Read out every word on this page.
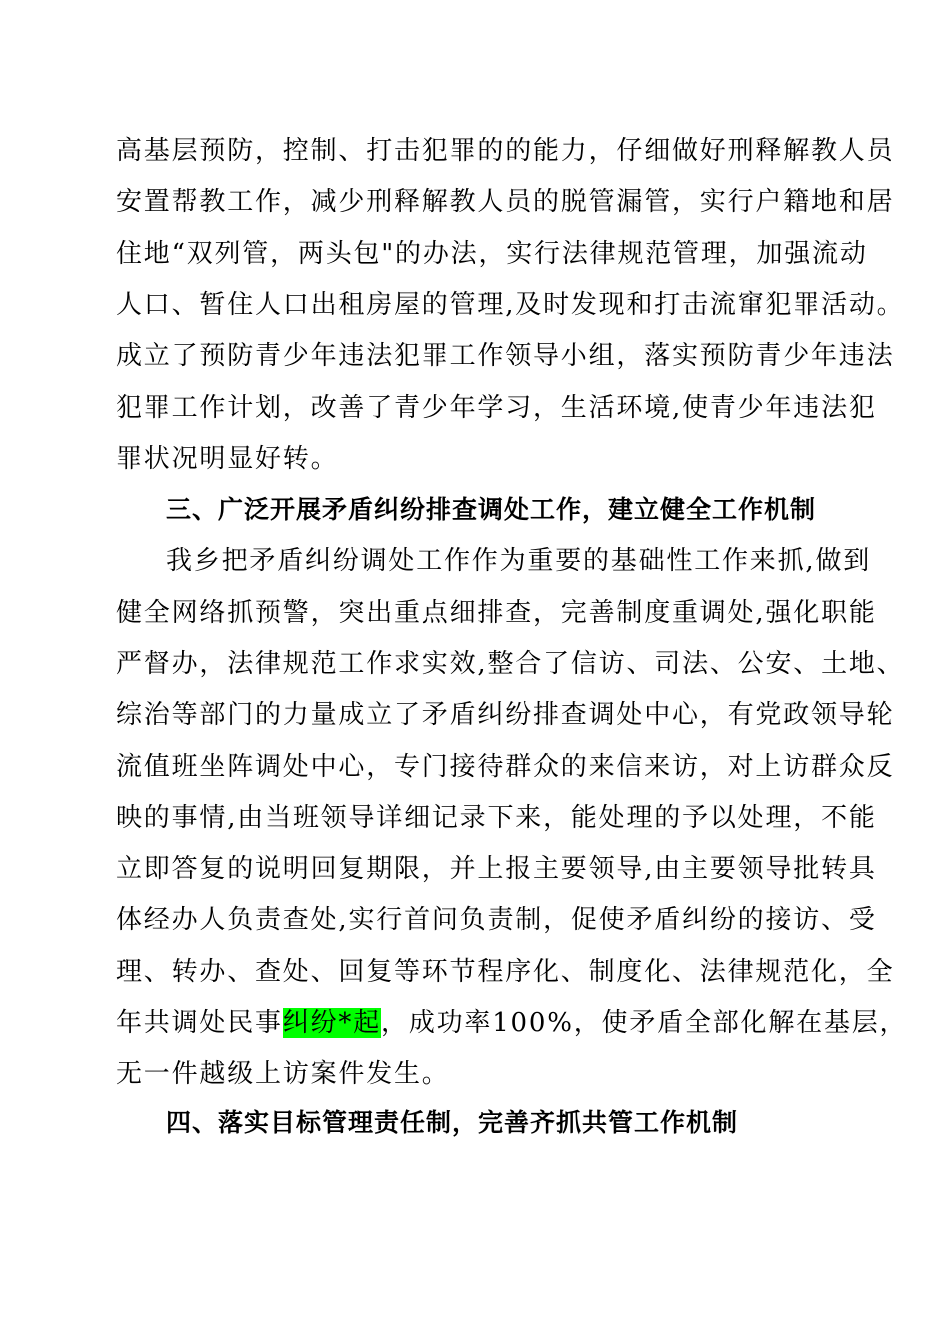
高基层预防，控制、打击犯罪的的能力，仔细做好刑释解教人员
安置帮教工作，减少刑释解教人员的脱管漏管，实行户籍地和居
住地“双列管，两头包"的办法，实行法律规范管理，加强流动
人口、暂住人口出租房屋的管理,及时发现和打击流窜犯罪活动。
成立了预防青少年违法犯罪工作领导小组，落实预防青少年违法
犯罪工作计划，改善了青少年学习，生活环境,使青少年违法犯
罪状况明显好转。
三、广泛开展矛盾纠纷排查调处工作，建立健全工作机制
我乡把矛盾纠纷调处工作作为重要的基础性工作来抓,做到
健全网络抓预警，突出重点细排查，完善制度重调处,强化职能
严督办，法律规范工作求实效,整合了信访、司法、公安、土地、
综治等部门的力量成立了矛盾纠纷排查调处中心，有党政领导轮
流值班坐阵调处中心，专门接待群众的来信来访，对上访群众反
映的事情,由当班领导详细记录下来，能处理的予以处理，不能
立即答复的说明回复期限，并上报主要领导,由主要领导批转具
体经办人负责查处,实行首问负责制，促使矛盾纠纷的接访、受
理、转办、查处、回复等环节程序化、制度化、法律规范化，全
年共调处民事纠纷*起，成功率100%，使矛盾全部化解在基层，
无一件越级上访案件发生。
四、落实目标管理责任制，完善齐抓共管工作机制
